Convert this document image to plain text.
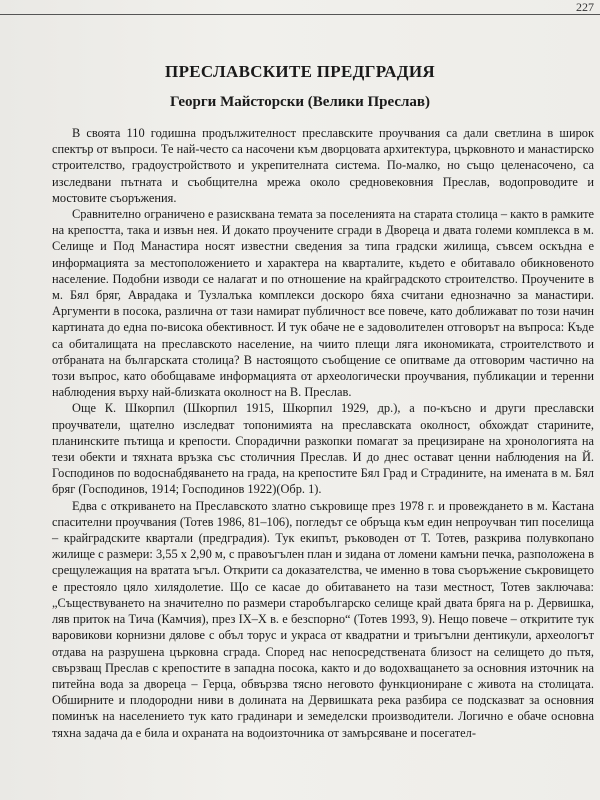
227
ПРЕСЛАВСКИТЕ ПРЕДГРАДИЯ
Георги Майсторски (Велики Преслав)

В своята 110 годишна продължителност преславските проучвания са дали светлина в широк спектър от въпроси. Те най-често са насочени към дворцовата архитектура, църковното и манастирско строителство, градоустройството и укрепителната система. По-малко, но също целенасочено, са изследвани пътната и съобщителна мрежа около средновековния Преслав, водопроводите и мостовите съоръжения.

Сравнително ограничено е разисквана темата за поселенията на старата столица – както в рамките на крепостта, така и извън нея. И докато проучените сгради в Двореца и двата големи комплекса в м. Селище и Под Манастира носят известни сведения за типа градски жилища, съвсем оскъдна е информацията за местоположението и характера на кварталите, където е обитавало обикновеното население. Подобни изводи се налагат и по отношение на крайградското строителство. Проучените в м. Бял бряг, Аврадака и Тузлалъка комплекси доскоро бяха считани еднозначно за манастири. Аргументи в посока, различна от тази намират публичност все повече, като доближават по този начин картината до една по-висока обективност. И тук обаче не е задоволителен отговорът на въпроса: Къде са обиталищата на преславското население, на чиито плещи лягa икономиката, строителството и отбраната на българската столица? В настоящото съобщение се опитваме да отговорим частично на този въпрос, като обобщаваме информацията от археологически проучвания, публикации и теренни наблюдения върху най-близката околност на В. Преслав.

Още К. Шкорпил (Шкорпил 1915, Шкорпил 1929, др.), а по-късно и други преславски проучватели, щателно изследват топонимията на преславската околност, обхождат старините, планинските пътища и крепости. Спорадични разкопки помагат за прецизиране на хронологията на тези обекти и тяхната връзка със столичния Преслав. И до днес остават ценни наблюдения на Й. Господинов по водоснабдяването на града, на крепостите Бял Град и Страдините, на имената в м. Бял бряг (Господинов, 1914; Господинов 1922)(Обр. 1).

Едва с откриването на Преславското златно съкровище през 1978 г. и провеждането в м. Кастана спасителни проучвания (Тотев 1986, 81–106), погледът се обръща към един непроучван тип поселища – крайградските квартали (предградия). Тук екипът, ръководен от Т. Тотев, разкрива полувкопано жилище с размери: 3,55 х 2,90 м, с правоъгълен план и зидана от ломени камъни печка, разположена в срещулежащия на вратата ъгъл. Открити са доказателства, че именно в това съоръжение съкровището е престояло цяло хилядолетие. Що се касае до обитаването на тази местност, Тотев заключава: „Съществуването на значително по размери старобългарско селище край двата бряга на р. Дервишка, ляв приток на Тича (Камчия), през IX–X в. е безспорно“ (Тотев 1993, 9). Нещо повече – откритите тук варовикови корнизни дялове с объл торус и украса от квадратни и триъгълни дентикули, археологът отдава на разрушена църковна сграда. Според нас непосредствената близост на селището до пътя, свързващ Преслав с крепостите в западна посока, както и до водохващането за основния източник на питейна вода за двореца – Герца, обвързва тясно неговото функциониране с живота на столицата. Обширните и плодородни ниви в долината на Дервишката река разбира се подсказват за основния поминък на населението тук като градинари и земеделски производители. Логично е обаче основна тяхна задача да е била и охраната на водоизточника от замърсяване и посегател-
